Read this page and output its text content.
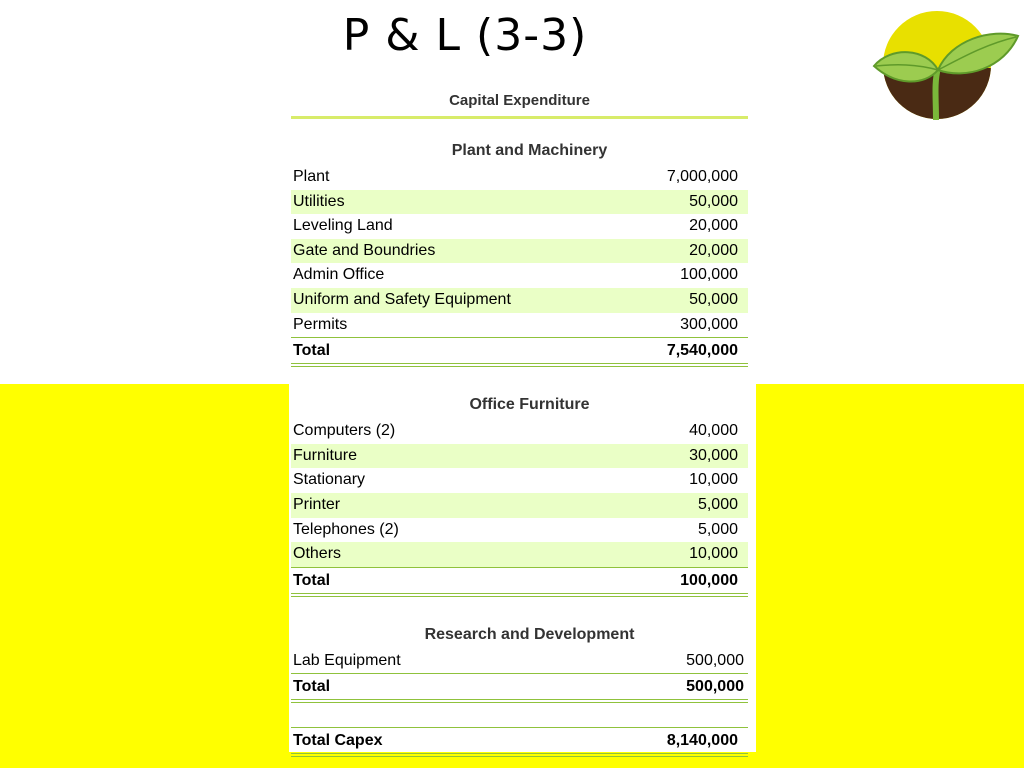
P & L (3-3)
Capital Expenditure
Plant and Machinery
Plant	7,000,000
Utilities	50,000
Leveling Land	20,000
Gate and Boundries	20,000
Admin Office	100,000
Uniform and Safety Equipment	50,000
Permits	300,000
Total	7,540,000
Office Furniture
Computers (2)	40,000
Furniture	30,000
Stationary	10,000
Printer	5,000
Telephones (2)	5,000
Others	10,000
Total	100,000
Research and Development
Lab Equipment	500,000
Total	500,000
Total Capex	8,140,000
